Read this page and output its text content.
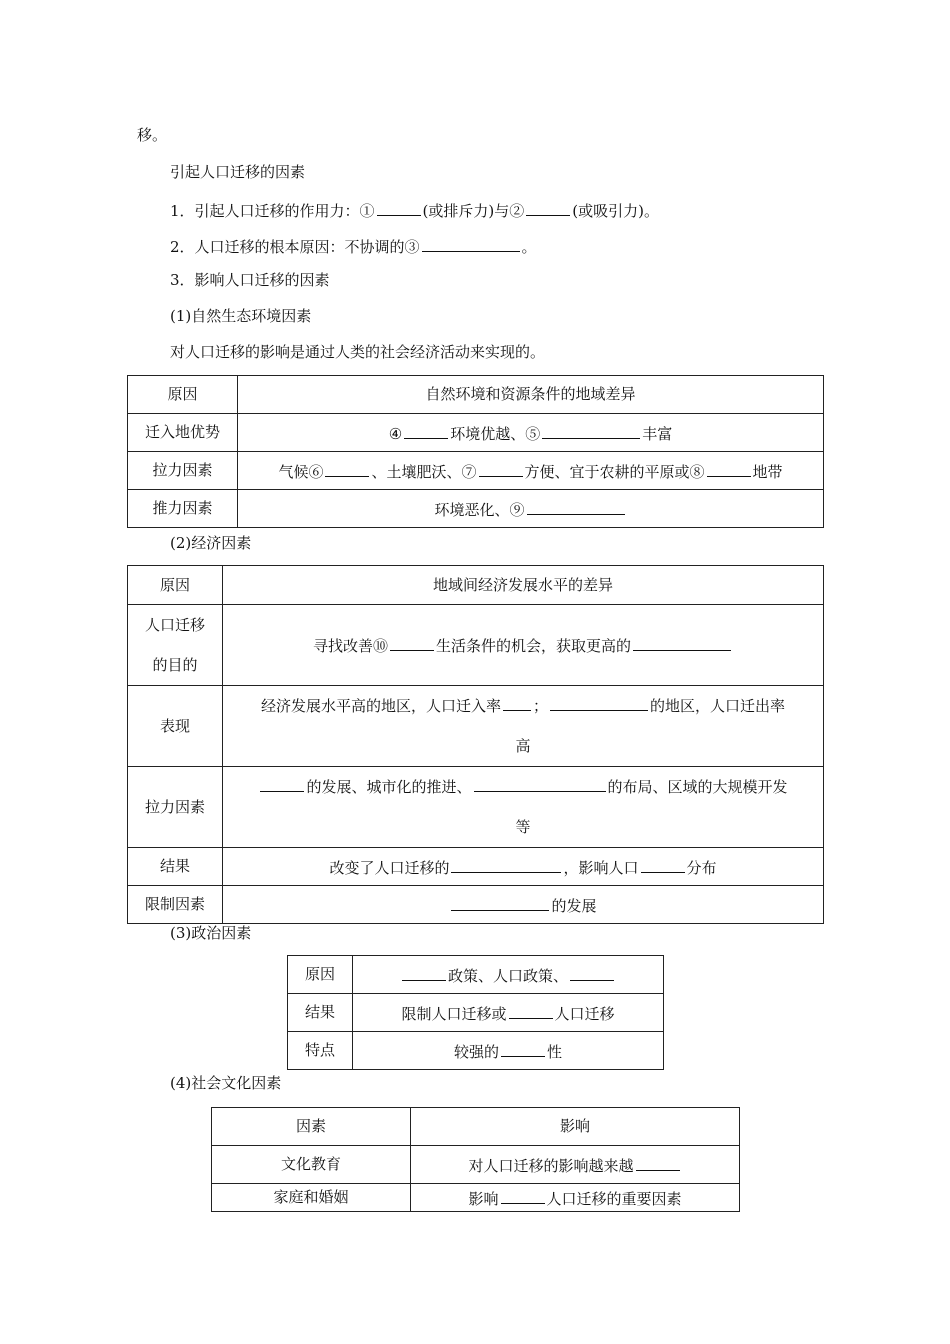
移。
引起人口迁移的因素
1．引起人口迁移的作用力：①	(或排斥力)与②	(或吸引力)。
2．人口迁移的根本原因：不协调的③	。
3．影响人口迁移的因素
(1)自然生态环境因素
对人口迁移的影响是通过人类的社会经济活动来实现的。
原因	自然环境和资源条件的地域差异
迁入地优势	④ 环境优越、⑤ 丰富
拉力因素	气候⑥ 、土壤肥沃、⑦ 方便、宜于农耕的平原或⑧ 地带
推力因素	环境恶化、⑨
(2)经济因素
原因	地域间经济发展水平的差异

人口迁移
的目的	寻找改善⑩ 生活条件的机会，获取更高的
表现	经济发展水平高的地区，人口迁入率 ； 的地区，人口迁出率
高

拉力因素	的发展、城市化的推进、 的布局、区域的大规模开发
等

结果	改变了人口迁移的 ，影响人口 分布
限制因素	的发展
(3)政治因素
原因	政策、人口政策、
结果	限制人口迁移或 人口迁移
特点	较强的 性
(4)社会文化因素
因素	影响
文化教育	对人口迁移的影响越来越
家庭和婚姻	影响 人口迁移的重要因素
